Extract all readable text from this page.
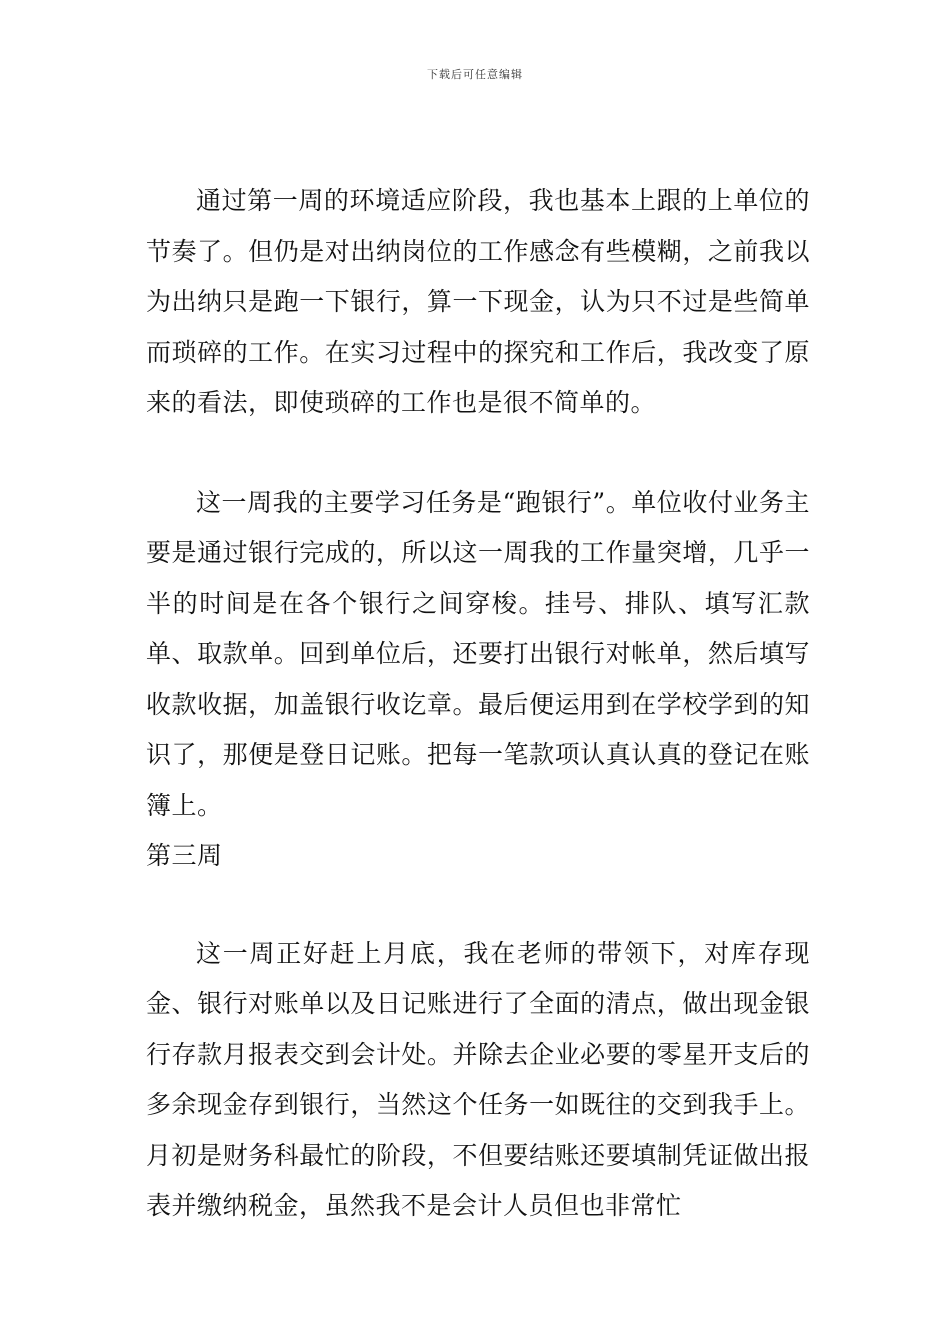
下载后可任意编辑

通过第一周的环境适应阶段，我也基本上跟的上单位的节奏了。但仍是对出纳岗位的工作感念有些模糊，之前我以为出纳只是跑一下银行，算一下现金，认为只不过是些简单而琐碎的工作。在实习过程中的探究和工作后，我改变了原来的看法，即使琐碎的工作也是很不简单的。

这一周我的主要学习任务是“跑银行”。单位收付业务主要是通过银行完成的，所以这一周我的工作量突增，几乎一半的时间是在各个银行之间穿梭。挂号、排队、填写汇款单、取款单。回到单位后，还要打出银行对帐单，然后填写收款收据，加盖银行收讫章。最后便运用到在学校学到的知识了，那便是登日记账。把每一笔款项认真认真的登记在账簿上。

第三周

这一周正好赶上月底，我在老师的带领下，对库存现金、银行对账单以及日记账进行了全面的清点，做出现金银行存款月报表交到会计处。并除去企业必要的零星开支后的多余现金存到银行，当然这个任务一如既往的交到我手上。月初是财务科最忙的阶段，不但要结账还要填制凭证做出报表并缴纳税金，虽然我不是会计人员但也非常忙
